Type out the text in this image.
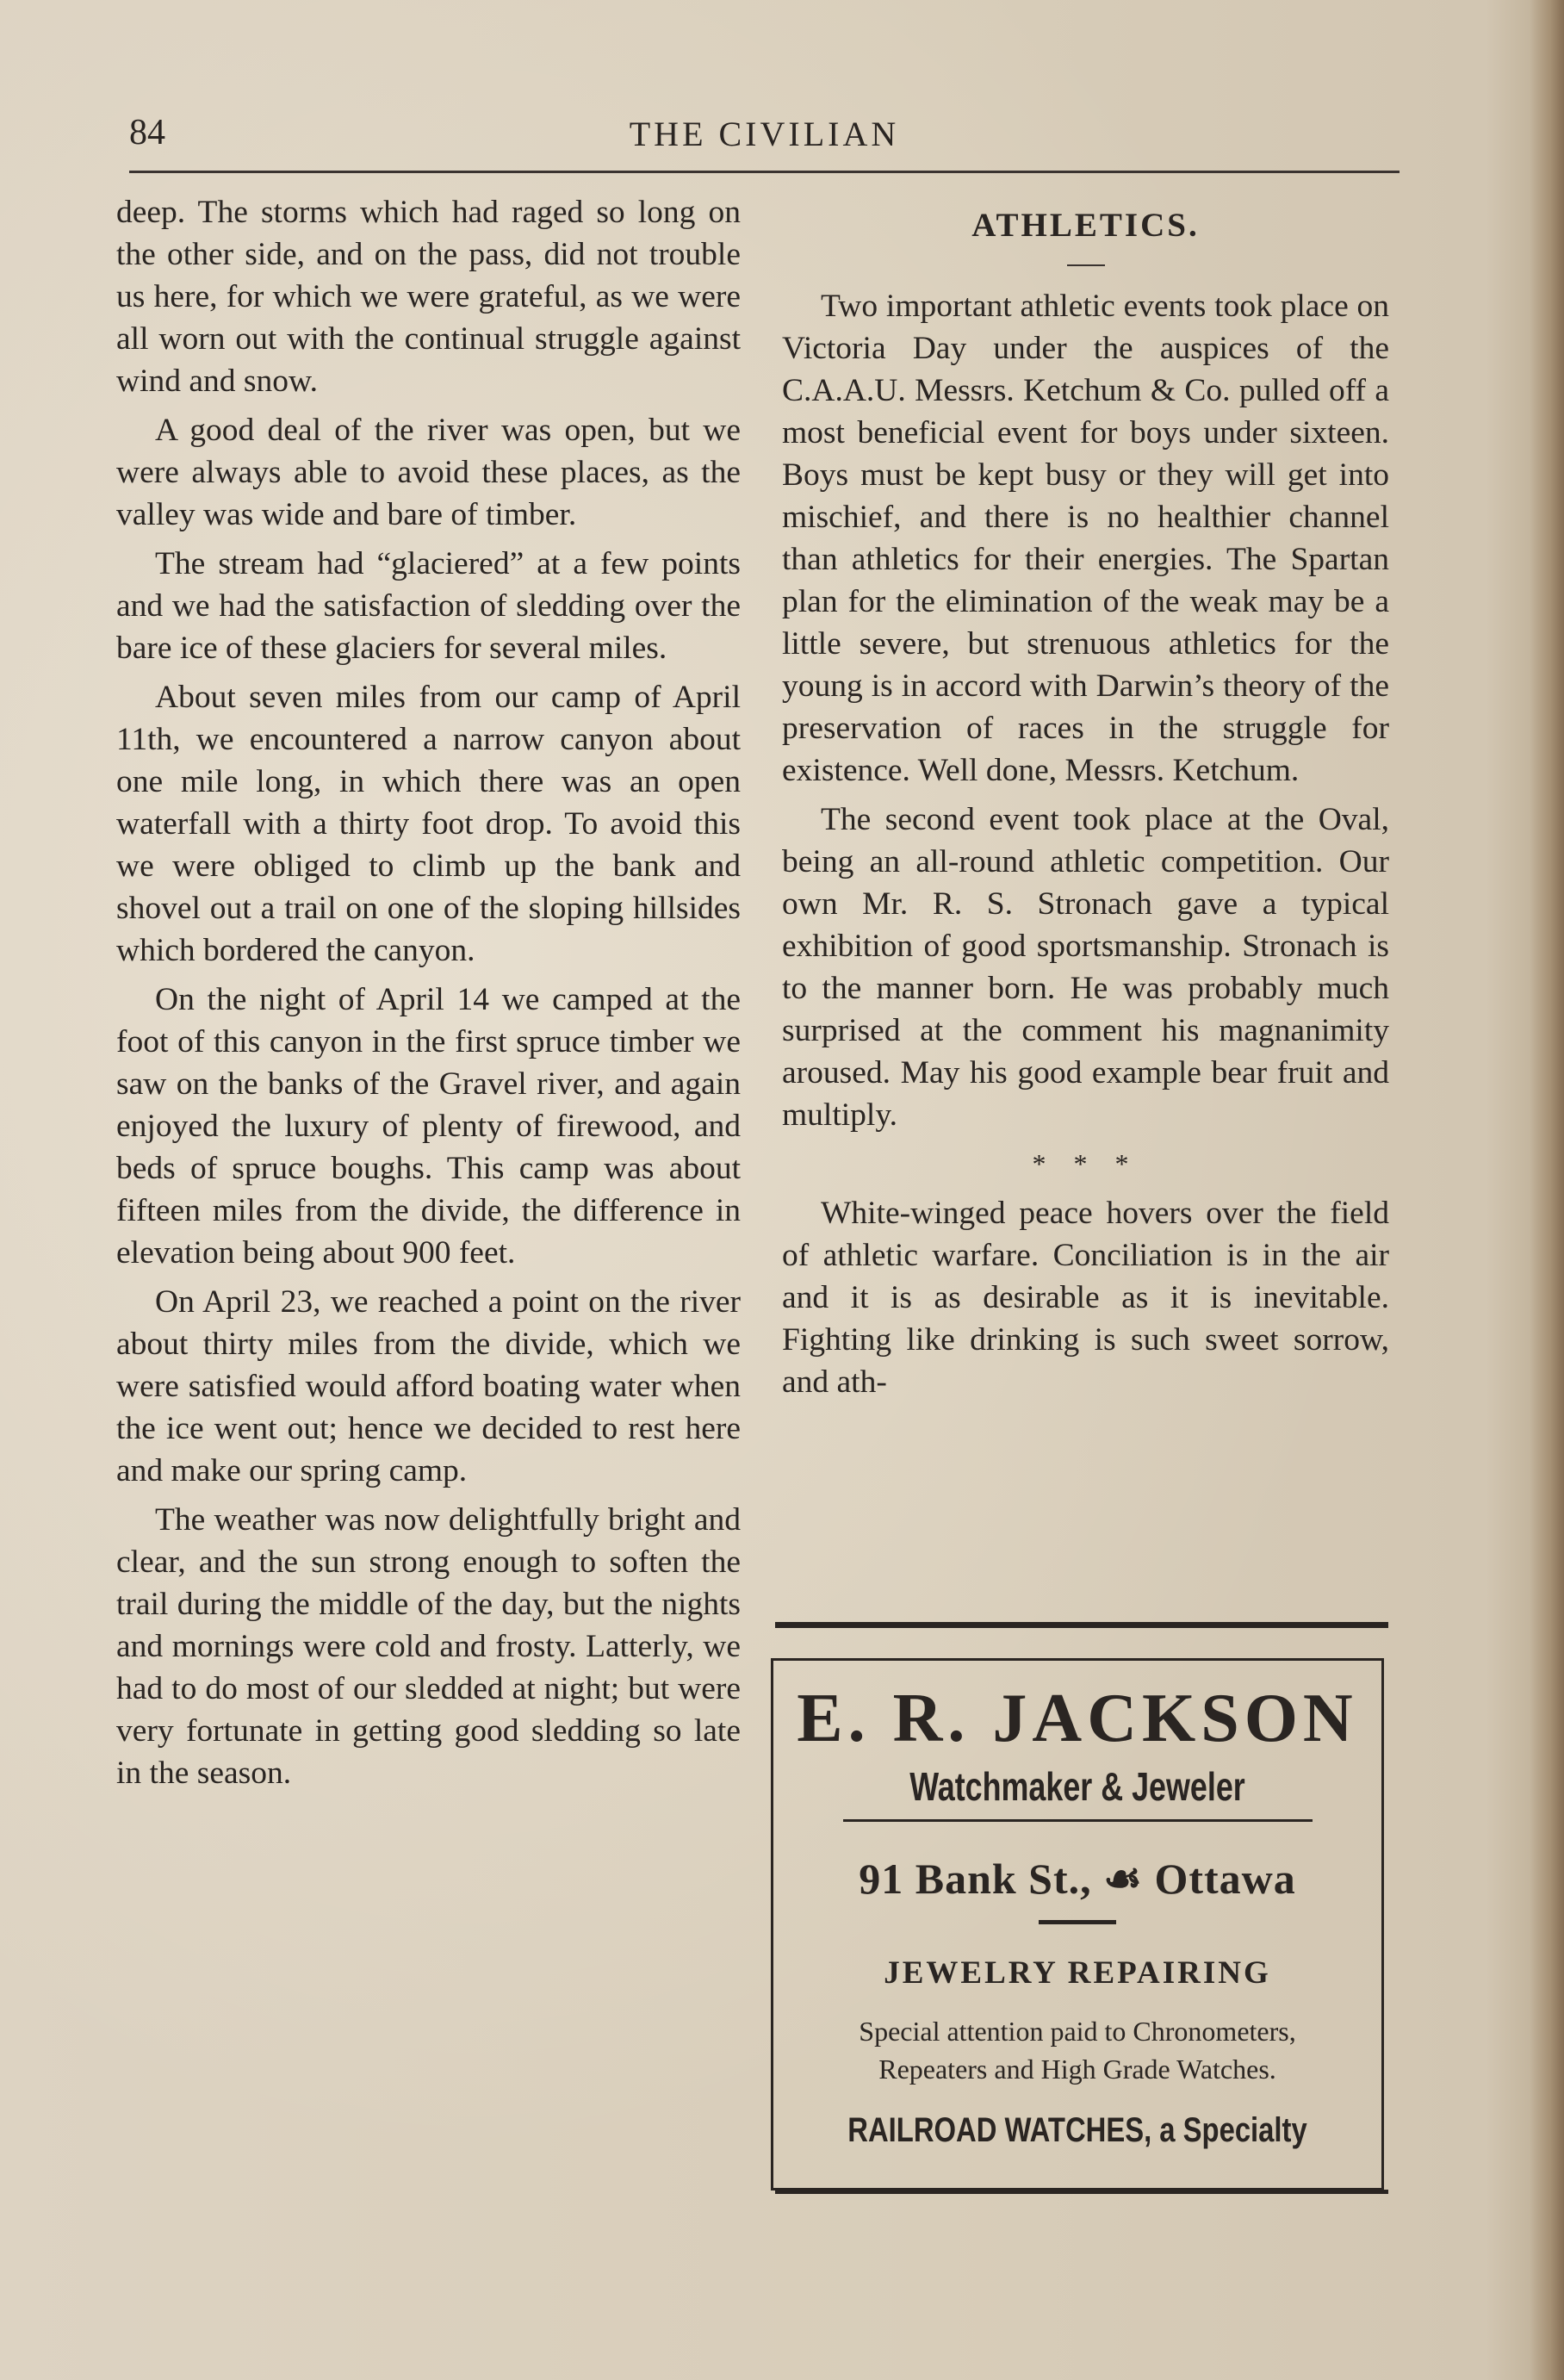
84	THE CIVILIAN

deep. The storms which had raged so long on the other side, and on the pass, did not trouble us here, for which we were grateful, as we were all worn out with the continual struggle against wind and snow.

A good deal of the river was open, but we were always able to avoid these places, as the valley was wide and bare of timber.

The stream had “glaciered” at a few points and we had the satisfaction of sledding over the bare ice of these glaciers for several miles.

About seven miles from our camp of April 11th, we encountered a narrow canyon about one mile long, in which there was an open waterfall with a thirty foot drop. To avoid this we were obliged to climb up the bank and shovel out a trail on one of the sloping hillsides which bordered the canyon.

On the night of April 14 we camped at the foot of this canyon in the first spruce timber we saw on the banks of the Gravel river, and again enjoyed the luxury of plenty of firewood, and beds of spruce boughs. This camp was about fifteen miles from the divide, the difference in elevation being about 900 feet.

On April 23, we reached a point on the river about thirty miles from the divide, which we were satisfied would afford boating water when the ice went out; hence we decided to rest here and make our spring camp.

The weather was now delightfully bright and clear, and the sun strong enough to soften the trail during the middle of the day, but the nights and mornings were cold and frosty. Latterly, we had to do most of our sledded at night; but were very fortunate in getting good sledding so late in the season.

ATHLETICS.

Two important athletic events took place on Victoria Day under the auspices of the C.A.A.U. Messrs. Ketchum & Co. pulled off a most beneficial event for boys under sixteen. Boys must be kept busy or they will get into mischief, and there is no healthier channel than athletics for their energies. The Spartan plan for the elimination of the weak may be a little severe, but strenuous athletics for the young is in accord with Darwin’s theory of the preservation of races in the struggle for existence. Well done, Messrs. Ketchum.

The second event took place at the Oval, being an all-round athletic competition. Our own Mr. R. S. Stronach gave a typical exhibition of good sportsmanship. Stronach is to the manner born. He was probably much surprised at the comment his magnanimity aroused. May his good example bear fruit and multiply.

* * *

White-winged peace hovers over the field of athletic warfare. Conciliation is in the air and it is as desirable as it is inevitable. Fighting like drinking is such sweet sorrow, and ath-

E. R. JACKSON
Watchmaker & Jeweler
91 Bank St., ☙ Ottawa
JEWELRY REPAIRING
Special attention paid to Chronometers, Repeaters and High Grade Watches.
RAILROAD WATCHES, a Specialty
